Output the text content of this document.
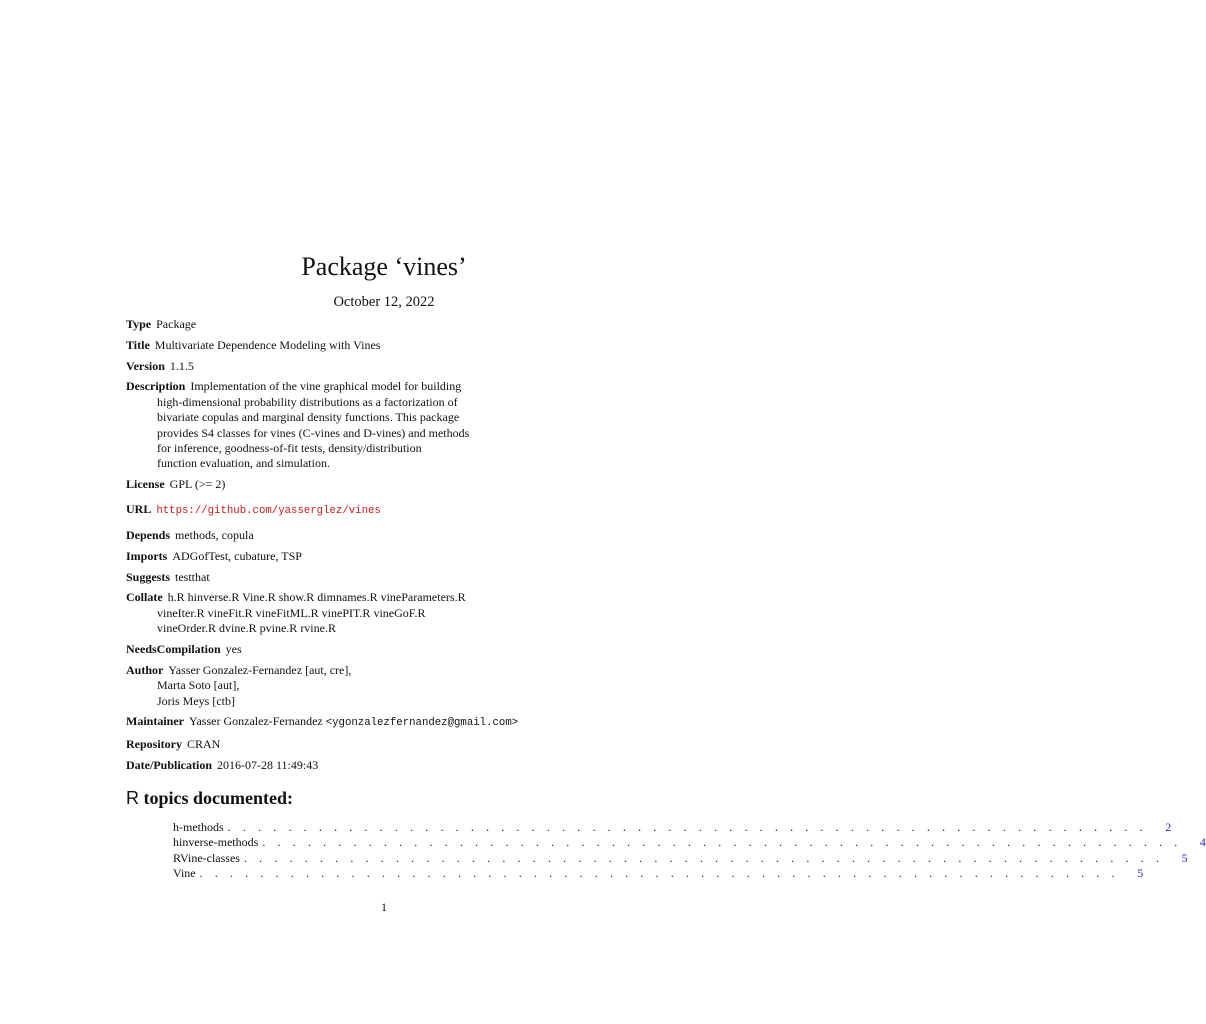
Package ‘vines’
October 12, 2022
Type Package
Title Multivariate Dependence Modeling with Vines
Version 1.1.5
Description Implementation of the vine graphical model for building
high-dimensional probability distributions as a factorization of
bivariate copulas and marginal density functions. This package
provides S4 classes for vines (C-vines and D-vines) and methods
for inference, goodness-of-fit tests, density/distribution
function evaluation, and simulation.
License GPL (>= 2)
URL https://github.com/yasserglez/vines
Depends methods, copula
Imports ADGofTest, cubature, TSP
Suggests testthat
Collate h.R hinverse.R Vine.R show.R dimnames.R vineParameters.R
vineIter.R vineFit.R vineFitML.R vinePIT.R vineGoF.R
vineOrder.R dvine.R pvine.R rvine.R
NeedsCompilation yes
Author Yasser Gonzalez-Fernandez [aut, cre],
Marta Soto [aut],
Joris Meys [ctb]
Maintainer Yasser Gonzalez-Fernandez <ygonzalezfernandez@gmail.com>
Repository CRAN
Date/Publication 2016-07-28 11:49:43
R topics documented:
h-methods . . . . . . . . . . . . . . . . . . . . . . . . . . . . . . . . . . . . . . . . . . . . . . . . . . . . . . . . . . . . .	2
hinverse-methods . . . . . . . . . . . . . . . . . . . . . . . . . . . . . . . . . . . . . . . . . . . . . . . . . . . . . . . . . . . . .	4
RVine-classes . . . . . . . . . . . . . . . . . . . . . . . . . . . . . . . . . . . . . . . . . . . . . . . . . . . . . . . . . . . . .	5
Vine . . . . . . . . . . . . . . . . . . . . . . . . . . . . . . . . . . . . . . . . . . . . . . . . . . . . . . . . . . . . .	5
1
